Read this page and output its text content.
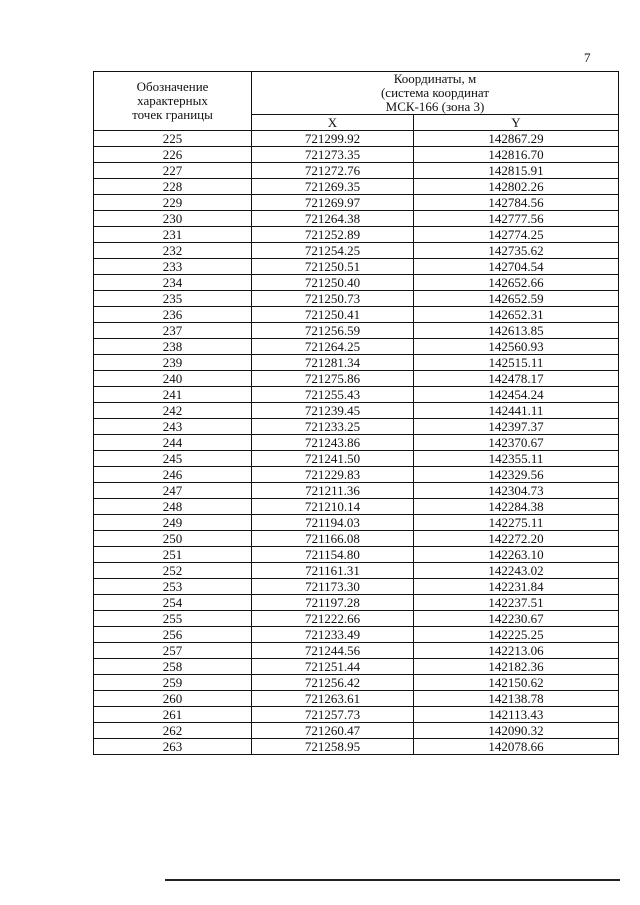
7
Обозначение
характерных
точек границы	Координаты, м
(система координат
МСК-166 (зона 3)	

	X	Y
225	721299.92	142867.29
226	721273.35	142816.70
227	721272.76	142815.91
228	721269.35	142802.26
229	721269.97	142784.56
230	721264.38	142777.56
231	721252.89	142774.25
232	721254.25	142735.62
233	721250.51	142704.54
234	721250.40	142652.66
235	721250.73	142652.59
236	721250.41	142652.31
237	721256.59	142613.85
238	721264.25	142560.93
239	721281.34	142515.11
240	721275.86	142478.17
241	721255.43	142454.24
242	721239.45	142441.11
243	721233.25	142397.37
244	721243.86	142370.67
245	721241.50	142355.11
246	721229.83	142329.56
247	721211.36	142304.73
248	721210.14	142284.38
249	721194.03	142275.11
250	721166.08	142272.20
251	721154.80	142263.10
252	721161.31	142243.02
253	721173.30	142231.84
254	721197.28	142237.51
255	721222.66	142230.67
256	721233.49	142225.25
257	721244.56	142213.06
258	721251.44	142182.36
259	721256.42	142150.62
260	721263.61	142138.78
261	721257.73	142113.43
262	721260.47	142090.32
263	721258.95	142078.66
